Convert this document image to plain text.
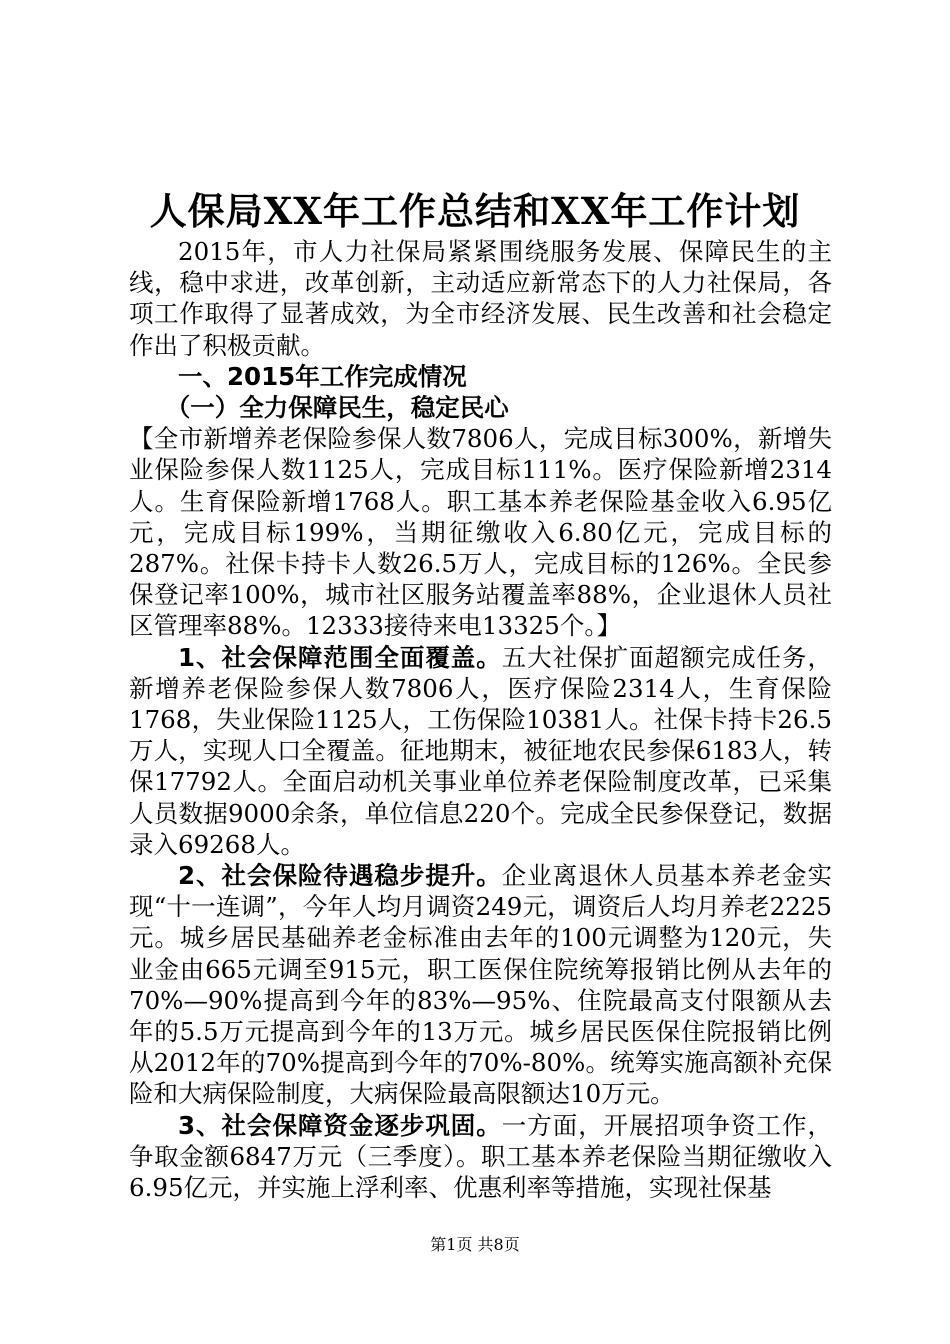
人保局XX年工作总结和XX年工作计划

2015年，市人力社保局紧紧围绕服务发展、保障民生的主线，稳中求进，改革创新，主动适应新常态下的人力社保局，各项工作取得了显著成效，为全市经济发展、民生改善和社会稳定作出了积极贡献。

一、2015年工作完成情况

（一）全力保障民生，稳定民心

【全市新增养老保险参保人数7806人，完成目标300%，新增失业保险参保人数1125人，完成目标111%。医疗保险新增2314人。生育保险新增1768人。职工基本养老保险基金收入6.95亿元，完成目标199%，当期征缴收入6.80亿元，完成目标的287%。社保卡持卡人数26.5万人，完成目标的126%。全民参保登记率100%，城市社区服务站覆盖率88%，企业退休人员社区管理率88%。12333接待来电13325个。】

1、社会保障范围全面覆盖。五大社保扩面超额完成任务，新增养老保险参保人数7806人，医疗保险2314人，生育保险1768，失业保险1125人，工伤保险10381人。社保卡持卡26.5万人，实现人口全覆盖。征地期末，被征地农民参保6183人，转保17792人。全面启动机关事业单位养老保险制度改革，已采集人员数据9000余条，单位信息220个。完成全民参保登记，数据录入69268人。

2、社会保险待遇稳步提升。企业离退休人员基本养老金实现“十一连调”，今年人均月调资249元，调资后人均月养老2225元。城乡居民基础养老金标准由去年的100元调整为120元，失业金由665元调至915元，职工医保住院统筹报销比例从去年的70%—90%提高到今年的83%—95%、住院最高支付限额从去年的5.5万元提高到今年的13万元。城乡居民医保住院报销比例从2012年的70%提高到今年的70%-80%。统筹实施高额补充保险和大病保险制度，大病保险最高限额达10万元。

3、社会保障资金逐步巩固。一方面，开展招项争资工作，争取金额6847万元（三季度）。职工基本养老保险当期征缴收入6.95亿元，并实施上浮利率、优惠利率等措施，实现社保基

第1页 共8页
